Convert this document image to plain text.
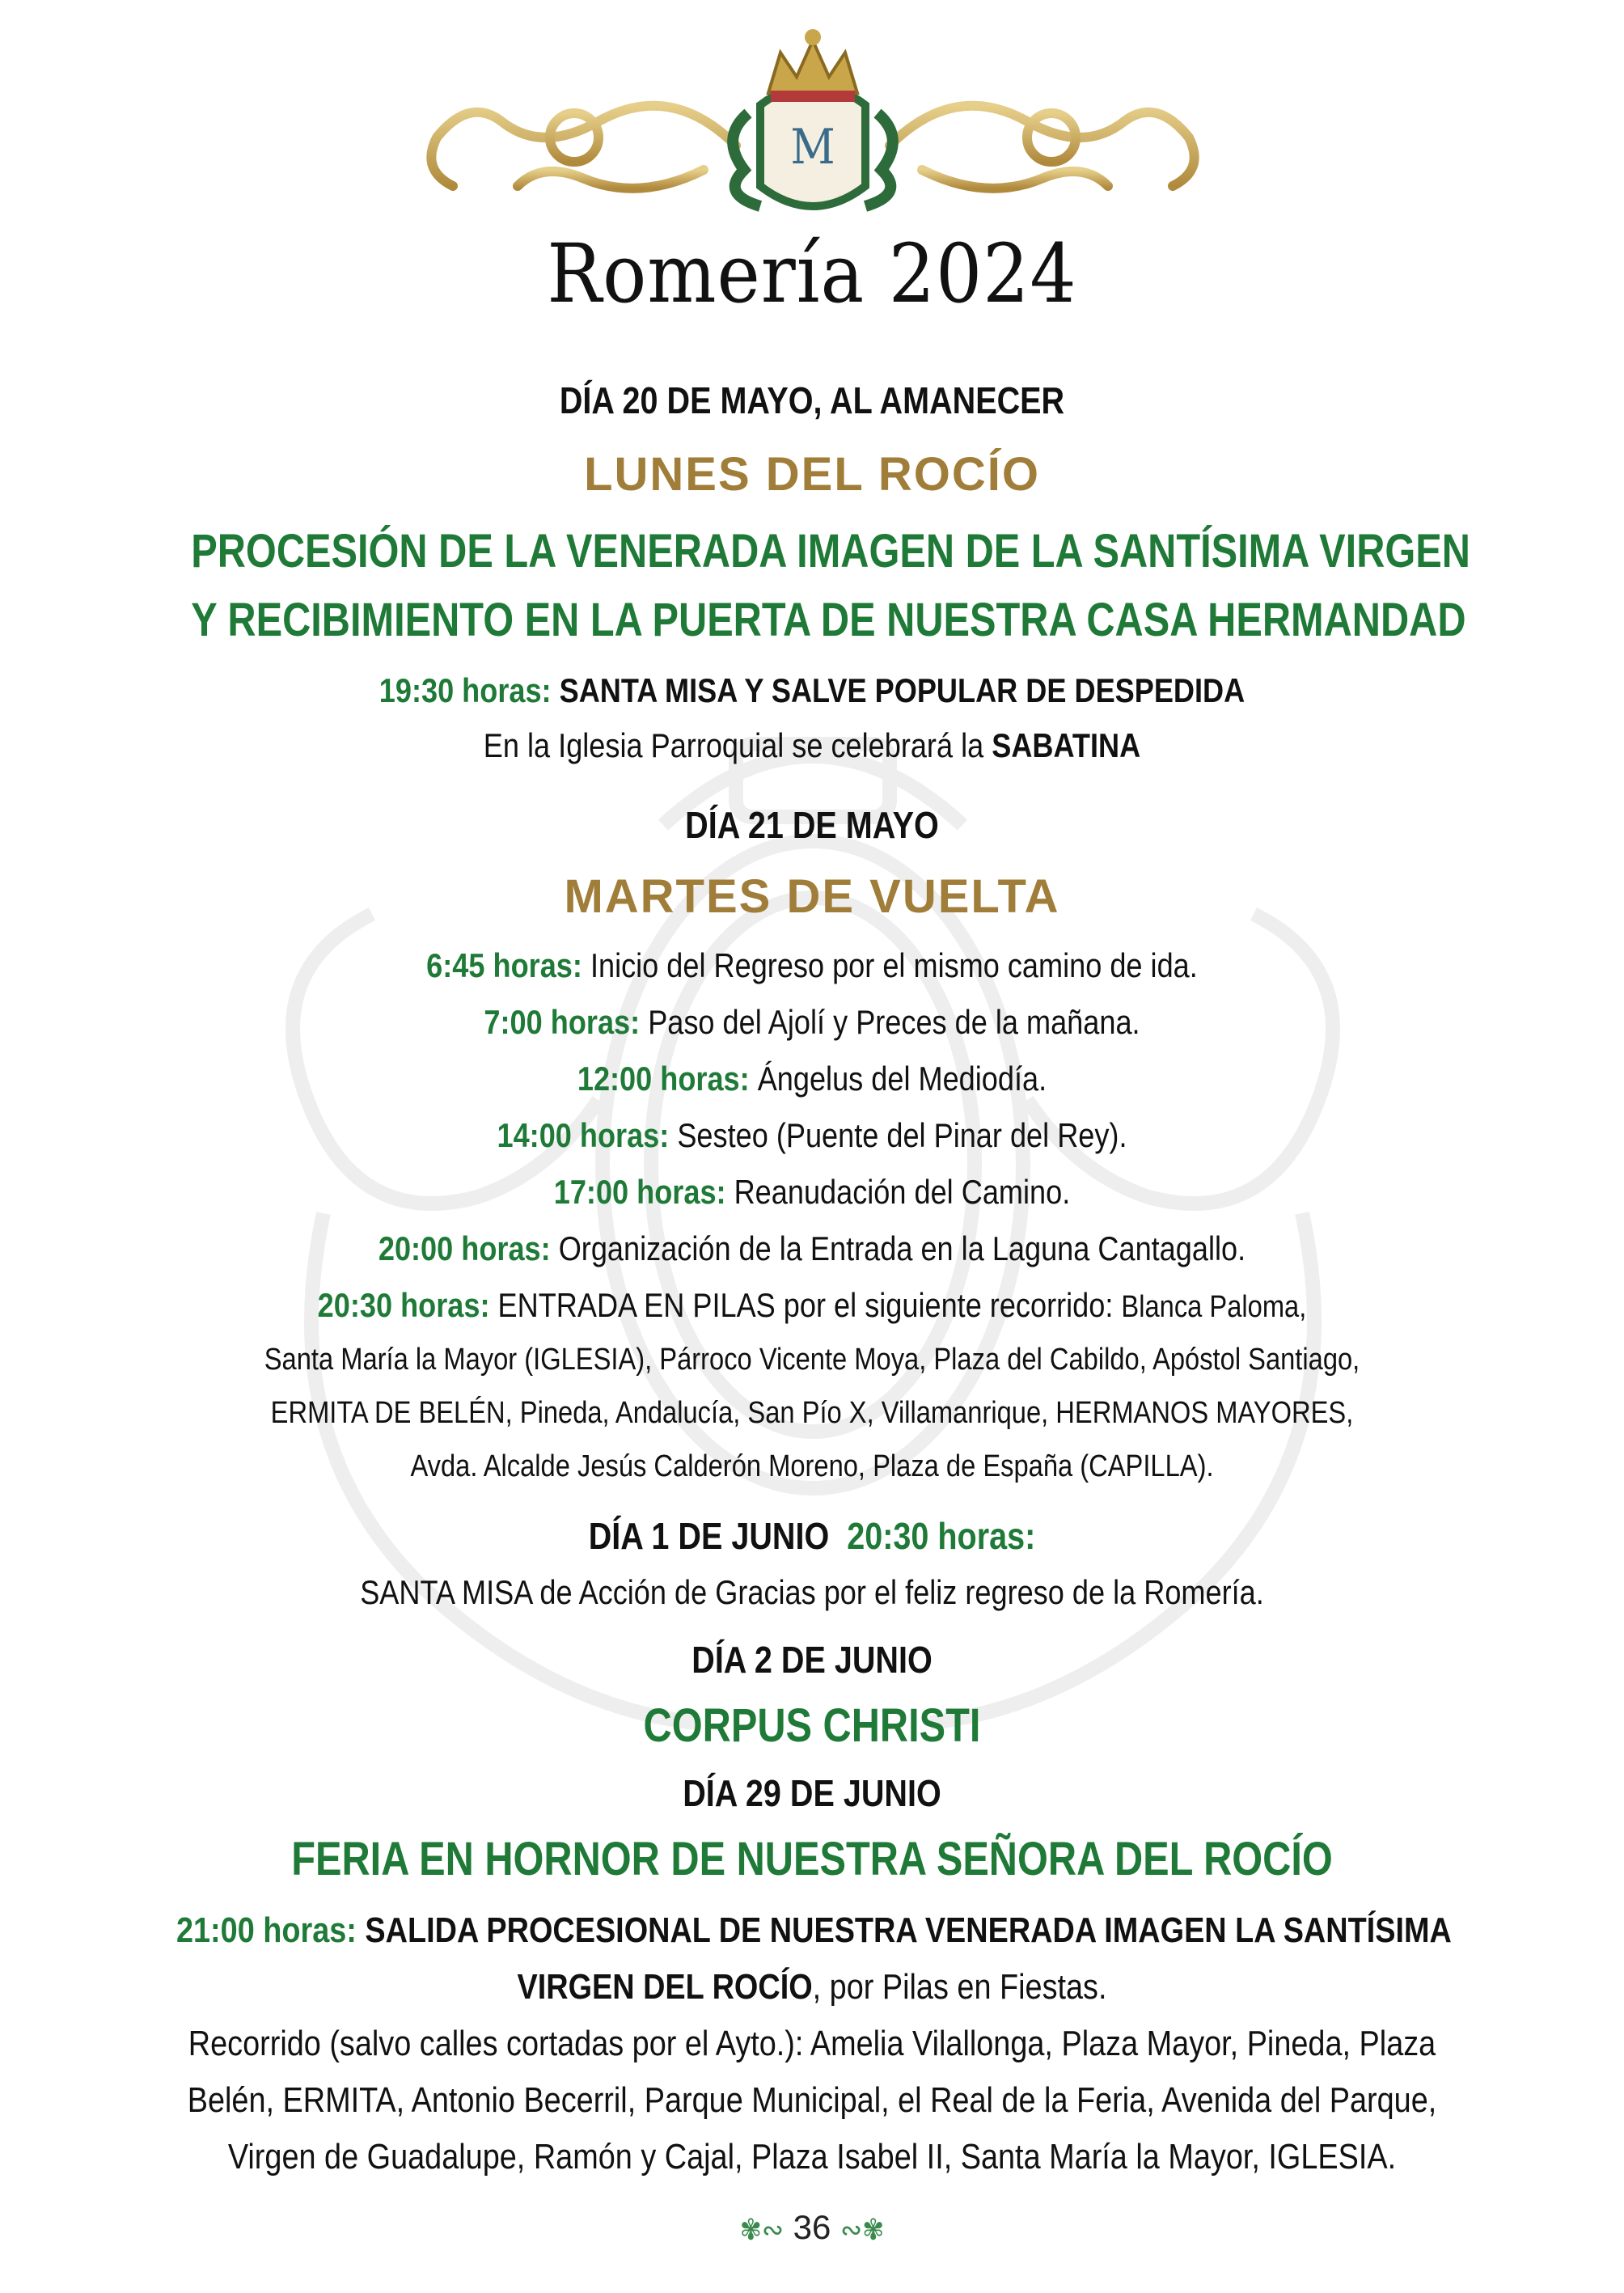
M
Romería 2024
DÍA 20 DE MAYO, AL AMANECER
LUNES DEL ROCÍO
PROCESIÓN DE LA VENERADA IMAGEN DE LA SANTÍSIMA VIRGEN
Y RECIBIMIENTO EN LA PUERTA DE NUESTRA CASA HERMANDAD
19:30 horas: SANTA MISA Y SALVE POPULAR DE DESPEDIDA
En la Iglesia Parroquial se celebrará la SABATINA
DÍA 21 DE MAYO
MARTES DE VUELTA
6:45 horas: Inicio del Regreso por el mismo camino de ida.
7:00 horas: Paso del Ajolí y Preces de la mañana.
12:00 horas: Ángelus del Mediodía.
14:00 horas: Sesteo (Puente del Pinar del Rey).
17:00 horas: Reanudación del Camino.
20:00 horas: Organización de la Entrada en la Laguna Cantagallo.
20:30 horas: ENTRADA EN PILAS por el siguiente recorrido: Blanca Paloma,
Santa María la Mayor (IGLESIA), Párroco Vicente Moya, Plaza del Cabildo, Apóstol Santiago,
ERMITA DE BELÉN, Pineda, Andalucía, San Pío X, Villamanrique, HERMANOS MAYORES,
Avda. Alcalde Jesús Calderón Moreno, Plaza de España (CAPILLA).
DÍA 1 DE JUNIO 20:30 horas:
SANTA MISA de Acción de Gracias por el feliz regreso de la Romería.
DÍA 2 DE JUNIO
CORPUS CHRISTI
DÍA 29 DE JUNIO
FERIA EN HORNOR DE NUESTRA SEÑORA DEL ROCÍO
21:00 horas: SALIDA PROCESIONAL DE NUESTRA VENERADA IMAGEN LA SANTÍSIMA
VIRGEN DEL ROCÍO, por Pilas en Fiestas.
Recorrido (salvo calles cortadas por el Ayto.): Amelia Vilallonga, Plaza Mayor, Pineda, Plaza
Belén, ERMITA, Antonio Becerril, Parque Municipal, el Real de la Feria, Avenida del Parque,
Virgen de Guadalupe, Ramón y Cajal, Plaza Isabel II, Santa María la Mayor, IGLESIA.
✾∾ 36 ∾✾
